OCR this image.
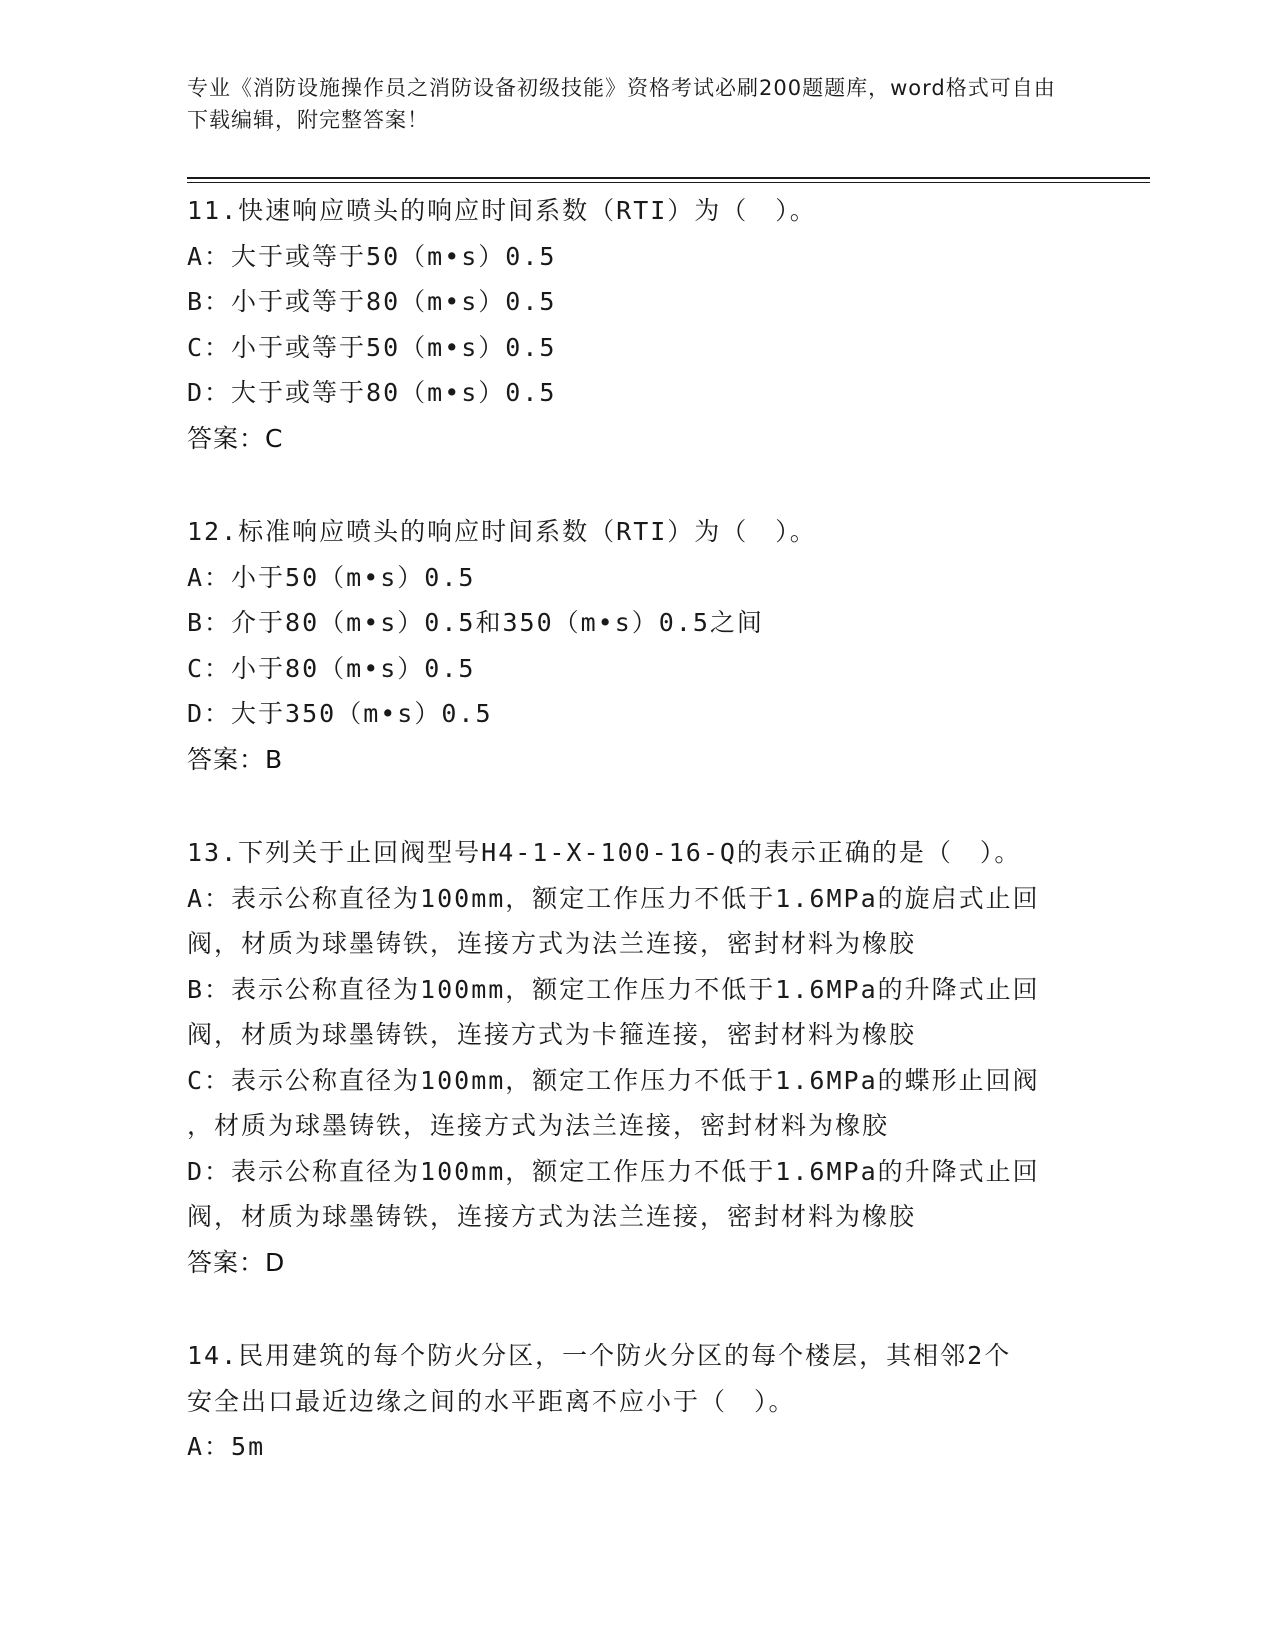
专业《消防设施操作员之消防设备初级技能》资格考试必刷200题题库，word格式可自由下载编辑，附完整答案！
11.快速响应喷头的响应时间系数（RTI）为（　）。
A：大于或等于50（m•s）0.5
B：小于或等于80（m•s）0.5
C：小于或等于50（m•s）0.5
D：大于或等于80（m•s）0.5
答案：C
12.标准响应喷头的响应时间系数（RTI）为（　）。
A：小于50（m•s）0.5
B：介于80（m•s）0.5和350（m•s）0.5之间
C：小于80（m•s）0.5
D：大于350（m•s）0.5
答案：B
13.下列关于止回阀型号H4-1-X-100-16-Q的表示正确的是（　）。
A：表示公称直径为100mm，额定工作压力不低于1.6MPa的旋启式止回
阀，材质为球墨铸铁，连接方式为法兰连接，密封材料为橡胶
B：表示公称直径为100mm，额定工作压力不低于1.6MPa的升降式止回
阀，材质为球墨铸铁，连接方式为卡箍连接，密封材料为橡胶
C：表示公称直径为100mm，额定工作压力不低于1.6MPa的蝶形止回阀
，材质为球墨铸铁，连接方式为法兰连接，密封材料为橡胶
D：表示公称直径为100mm，额定工作压力不低于1.6MPa的升降式止回
阀，材质为球墨铸铁，连接方式为法兰连接，密封材料为橡胶
答案：D
14.民用建筑的每个防火分区，一个防火分区的每个楼层，其相邻2个
安全出口最近边缘之间的水平距离不应小于（　）。
A：5m
